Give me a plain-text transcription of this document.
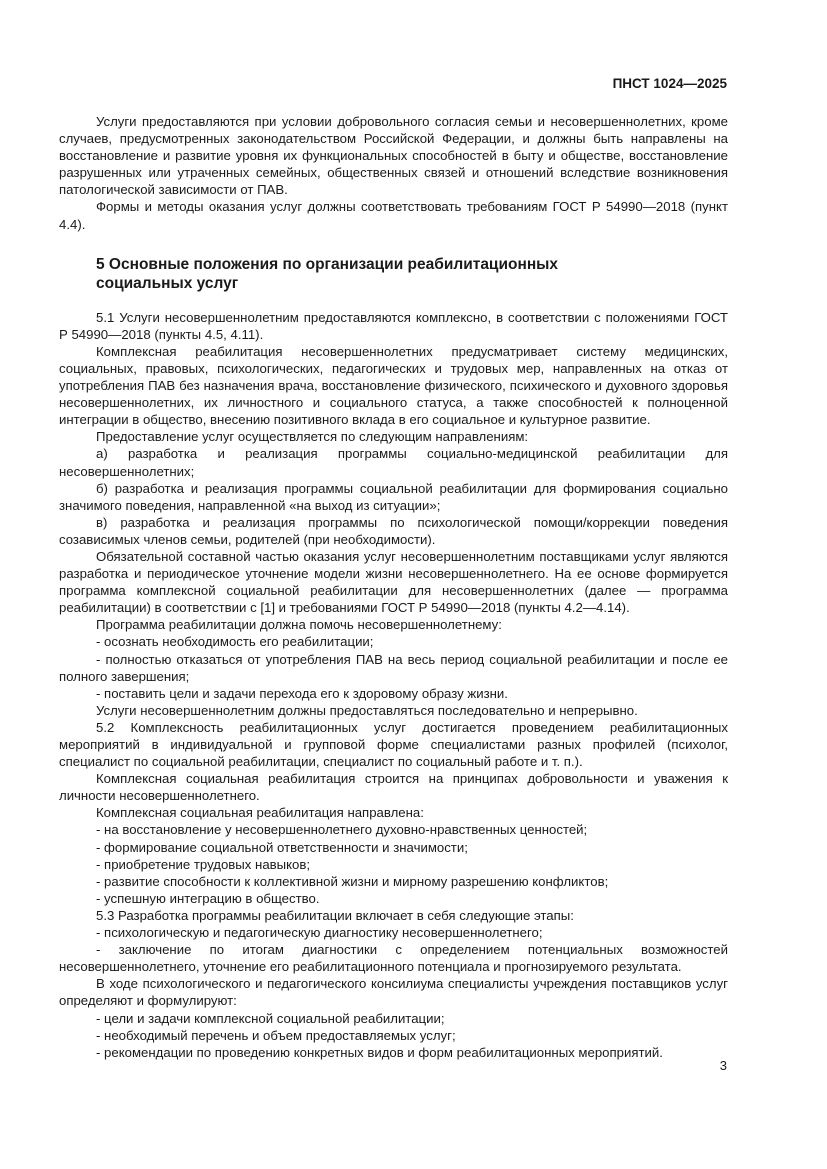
ПНСТ 1024—2025

Услуги предоставляются при условии добровольного согласия семьи и несовершеннолетних, кроме случаев, предусмотренных законодательством Российской Федерации, и должны быть направлены на восстановление и развитие уровня их функциональных способностей в быту и обществе, восстановление разрушенных или утраченных семейных, общественных связей и отношений вследствие возникновения патологической зависимости от ПАВ.

Формы и методы оказания услуг должны соответствовать требованиям ГОСТ Р 54990—2018 (пункт 4.4).

5 Основные положения по организации реабилитационных социальных услуг

5.1 Услуги несовершеннолетним предоставляются комплексно, в соответствии с положениями ГОСТ Р 54990—2018 (пункты 4.5, 4.11).

Комплексная реабилитация несовершеннолетних предусматривает систему медицинских, социальных, правовых, психологических, педагогических и трудовых мер, направленных на отказ от употребления ПАВ без назначения врача, восстановление физического, психического и духовного здоровья несовершеннолетних, их личностного и социального статуса, а также способностей к полноценной интеграции в общество, внесению позитивного вклада в его социальное и культурное развитие.

Предоставление услуг осуществляется по следующим направлениям:

а) разработка и реализация программы социально-медицинской реабилитации для несовершеннолетних;

б) разработка и реализация программы социальной реабилитации для формирования социально значимого поведения, направленной «на выход из ситуации»;

в) разработка и реализация программы по психологической помощи/коррекции поведения созависимых членов семьи, родителей (при необходимости).

Обязательной составной частью оказания услуг несовершеннолетним поставщиками услуг являются разработка и периодическое уточнение модели жизни несовершеннолетнего. На ее основе формируется программа комплексной социальной реабилитации для несовершеннолетних (далее — программа реабилитации) в соответствии с [1] и требованиями ГОСТ Р 54990—2018 (пункты 4.2—4.14).

Программа реабилитации должна помочь несовершеннолетнему:

- осознать необходимость его реабилитации;

- полностью отказаться от употребления ПАВ на весь период социальной реабилитации и после ее полного завершения;

- поставить цели и задачи перехода его к здоровому образу жизни.

Услуги несовершеннолетним должны предоставляться последовательно и непрерывно.

5.2 Комплексность реабилитационных услуг достигается проведением реабилитационных мероприятий в индивидуальной и групповой форме специалистами разных профилей (психолог, специалист по социальной реабилитации, специалист по социальный работе и т. п.).

Комплексная социальная реабилитация строится на принципах добровольности и уважения к личности несовершеннолетнего.

Комплексная социальная реабилитация направлена:

- на восстановление у несовершеннолетнего духовно-нравственных ценностей;

- формирование социальной ответственности и значимости;

- приобретение трудовых навыков;

- развитие способности к коллективной жизни и мирному разрешению конфликтов;

- успешную интеграцию в общество.

5.3 Разработка программы реабилитации включает в себя следующие этапы:

- психологическую и педагогическую диагностику несовершеннолетнего;

- заключение по итогам диагностики с определением потенциальных возможностей несовершеннолетнего, уточнение его реабилитационного потенциала и прогнозируемого результата.

В ходе психологического и педагогического консилиума специалисты учреждения поставщиков услуг определяют и формулируют:

- цели и задачи комплексной социальной реабилитации;

- необходимый перечень и объем предоставляемых услуг;

- рекомендации по проведению конкретных видов и форм реабилитационных мероприятий.

3
